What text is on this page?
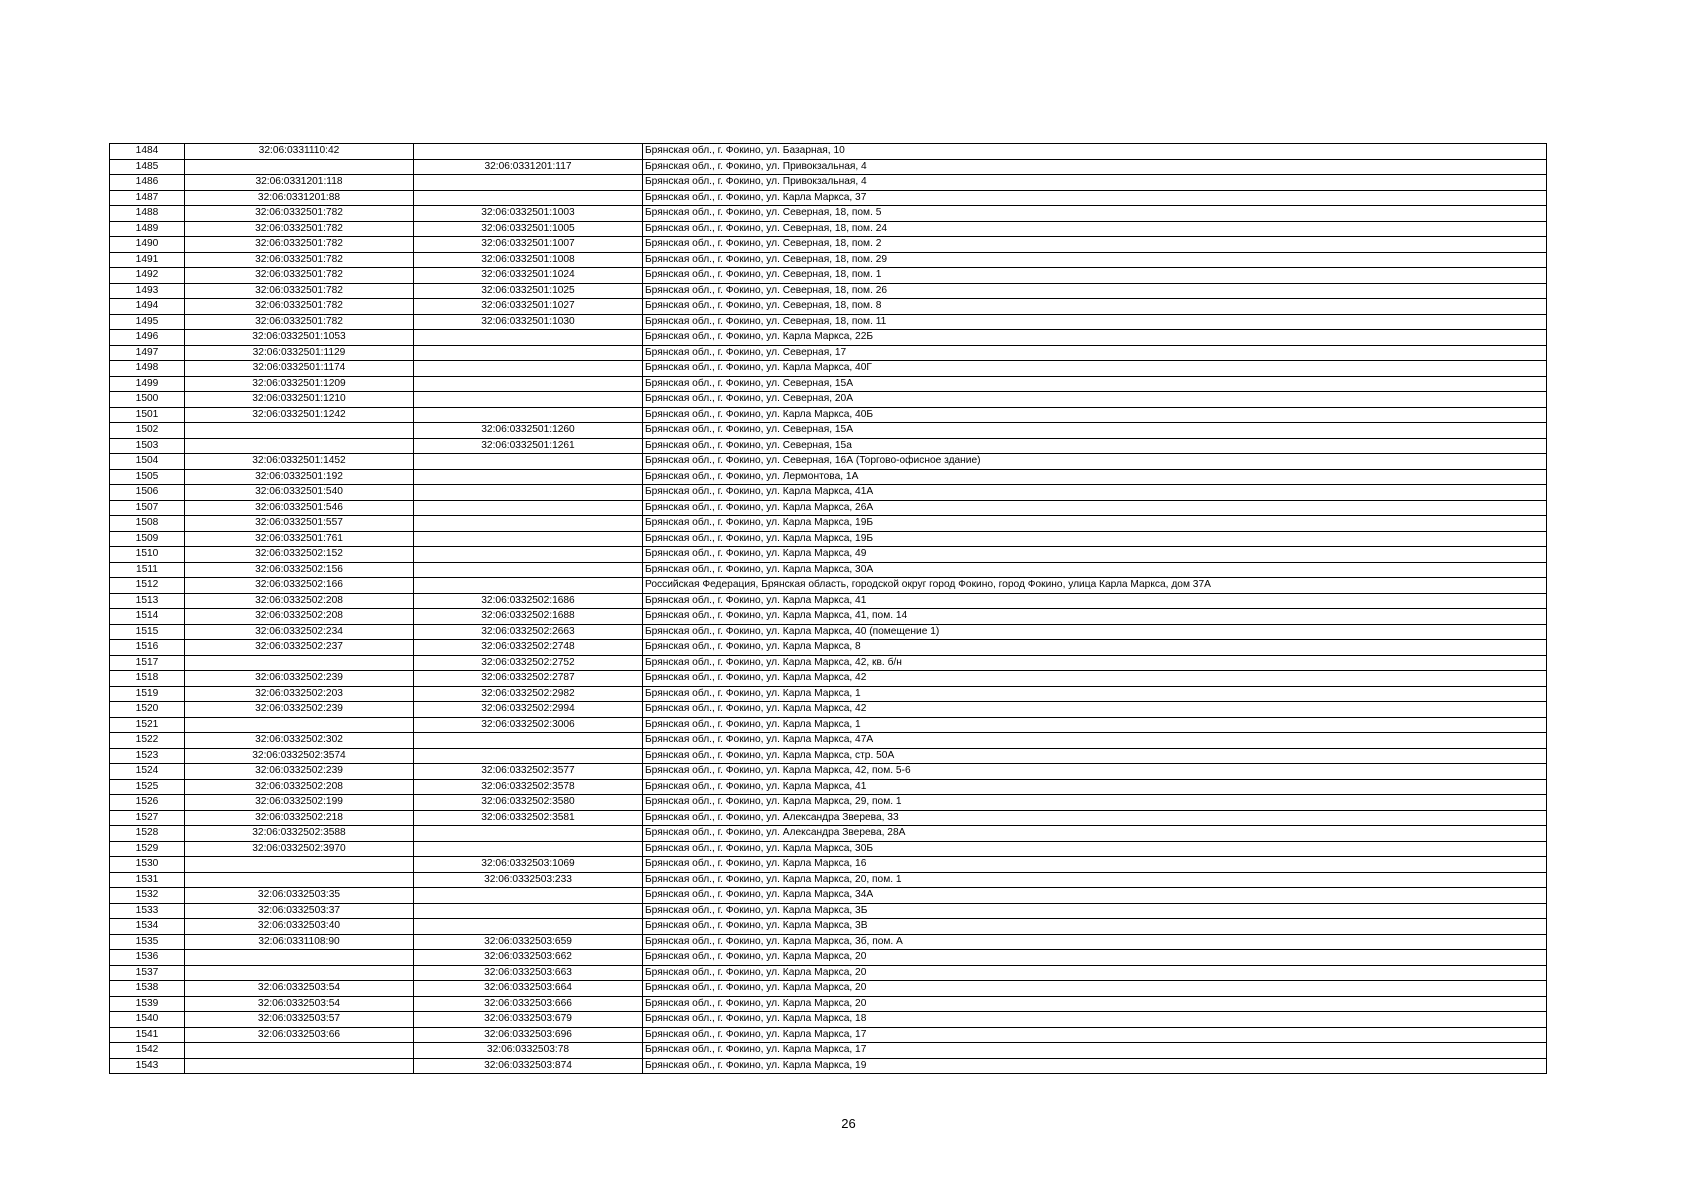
1484	32:06:0331110:42		Брянская обл., г. Фокино, ул. Базарная, 10
1485		32:06:0331201:117	Брянская обл., г. Фокино, ул. Привокзальная, 4
1486	32:06:0331201:118		Брянская обл., г. Фокино, ул. Привокзальная, 4
1487	32:06:0331201:88		Брянская обл., г. Фокино, ул. Карла Маркса, 37
1488	32:06:0332501:782	32:06:0332501:1003	Брянская обл., г. Фокино, ул. Северная, 18, пом. 5
1489	32:06:0332501:782	32:06:0332501:1005	Брянская обл., г. Фокино, ул. Северная, 18, пом. 24
1490	32:06:0332501:782	32:06:0332501:1007	Брянская обл., г. Фокино, ул. Северная, 18, пом. 2
1491	32:06:0332501:782	32:06:0332501:1008	Брянская обл., г. Фокино, ул. Северная, 18, пом. 29
1492	32:06:0332501:782	32:06:0332501:1024	Брянская обл., г. Фокино, ул. Северная, 18, пом. 1
1493	32:06:0332501:782	32:06:0332501:1025	Брянская обл., г. Фокино, ул. Северная, 18, пом. 26
1494	32:06:0332501:782	32:06:0332501:1027	Брянская обл., г. Фокино, ул. Северная, 18, пом. 8
1495	32:06:0332501:782	32:06:0332501:1030	Брянская обл., г. Фокино, ул. Северная, 18, пом. 11
1496	32:06:0332501:1053		Брянская обл., г. Фокино, ул. Карла Маркса, 22Б
1497	32:06:0332501:1129		Брянская обл., г. Фокино, ул. Северная, 17
1498	32:06:0332501:1174		Брянская обл., г. Фокино, ул. Карла Маркса, 40Г
1499	32:06:0332501:1209		Брянская обл., г. Фокино, ул. Северная, 15А
1500	32:06:0332501:1210		Брянская обл., г. Фокино, ул. Северная, 20А
1501	32:06:0332501:1242		Брянская обл., г. Фокино, ул. Карла Маркса, 40Б
1502		32:06:0332501:1260	Брянская обл., г. Фокино, ул. Северная, 15А
1503		32:06:0332501:1261	Брянская обл., г. Фокино, ул. Северная, 15а
1504	32:06:0332501:1452		Брянская обл., г. Фокино, ул. Северная, 16А (Торгово-офисное здание)
1505	32:06:0332501:192		Брянская обл., г. Фокино, ул. Лермонтова, 1А
1506	32:06:0332501:540		Брянская обл., г. Фокино, ул. Карла Маркса, 41А
1507	32:06:0332501:546		Брянская обл., г. Фокино, ул. Карла Маркса, 26А
1508	32:06:0332501:557		Брянская обл., г. Фокино, ул. Карла Маркса, 19Б
1509	32:06:0332501:761		Брянская обл., г. Фокино, ул. Карла Маркса, 19Б
1510	32:06:0332502:152		Брянская обл., г. Фокино, ул. Карла Маркса, 49
1511	32:06:0332502:156		Брянская обл., г. Фокино, ул. Карла Маркса, 30А
1512	32:06:0332502:166		Российская Федерация, Брянская область, городской округ город Фокино, город Фокино, улица Карла Маркса, дом 37А
1513	32:06:0332502:208	32:06:0332502:1686	Брянская обл., г. Фокино, ул. Карла Маркса, 41
1514	32:06:0332502:208	32:06:0332502:1688	Брянская обл., г. Фокино, ул. Карла Маркса, 41, пом. 14
1515	32:06:0332502:234	32:06:0332502:2663	Брянская обл., г. Фокино, ул. Карла Маркса, 40 (помещение 1)
1516	32:06:0332502:237	32:06:0332502:2748	Брянская обл., г. Фокино, ул. Карла Маркса, 8
1517		32:06:0332502:2752	Брянская обл., г. Фокино, ул. Карла Маркса, 42, кв. б/н
1518	32:06:0332502:239	32:06:0332502:2787	Брянская обл., г. Фокино, ул. Карла Маркса, 42
1519	32:06:0332502:203	32:06:0332502:2982	Брянская обл., г. Фокино, ул. Карла Маркса, 1
1520	32:06:0332502:239	32:06:0332502:2994	Брянская обл., г. Фокино, ул. Карла Маркса, 42
1521		32:06:0332502:3006	Брянская обл., г. Фокино, ул. Карла Маркса, 1
1522	32:06:0332502:302		Брянская обл., г. Фокино, ул. Карла Маркса, 47А
1523	32:06:0332502:3574		Брянская обл., г. Фокино, ул. Карла Маркса, стр. 50А
1524	32:06:0332502:239	32:06:0332502:3577	Брянская обл., г. Фокино, ул. Карла Маркса, 42, пом. 5-6
1525	32:06:0332502:208	32:06:0332502:3578	Брянская обл., г. Фокино, ул. Карла Маркса, 41
1526	32:06:0332502:199	32:06:0332502:3580	Брянская обл., г. Фокино, ул. Карла Маркса, 29, пом. 1
1527	32:06:0332502:218	32:06:0332502:3581	Брянская обл., г. Фокино, ул. Александра Зверева, 33
1528	32:06:0332502:3588		Брянская обл., г. Фокино, ул. Александра Зверева, 28А
1529	32:06:0332502:3970		Брянская обл., г. Фокино, ул. Карла Маркса, 30Б
1530		32:06:0332503:1069	Брянская обл., г. Фокино, ул. Карла Маркса, 16
1531		32:06:0332503:233	Брянская обл., г. Фокино, ул. Карла Маркса, 20, пом. 1
1532	32:06:0332503:35		Брянская обл., г. Фокино, ул. Карла Маркса, 34А
1533	32:06:0332503:37		Брянская обл., г. Фокино, ул. Карла Маркса, 3Б
1534	32:06:0332503:40		Брянская обл., г. Фокино, ул. Карла Маркса, 3В
1535	32:06:0331108:90	32:06:0332503:659	Брянская обл., г. Фокино, ул. Карла Маркса, 3б, пом. А
1536		32:06:0332503:662	Брянская обл., г. Фокино, ул. Карла Маркса, 20
1537		32:06:0332503:663	Брянская обл., г. Фокино, ул. Карла Маркса, 20
1538	32:06:0332503:54	32:06:0332503:664	Брянская обл., г. Фокино, ул. Карла Маркса, 20
1539	32:06:0332503:54	32:06:0332503:666	Брянская обл., г. Фокино, ул. Карла Маркса, 20
1540	32:06:0332503:57	32:06:0332503:679	Брянская обл., г. Фокино, ул. Карла Маркса, 18
1541	32:06:0332503:66	32:06:0332503:696	Брянская обл., г. Фокино, ул. Карла Маркса, 17
1542		32:06:0332503:78	Брянская обл., г. Фокино, ул. Карла Маркса, 17
1543		32:06:0332503:874	Брянская обл., г. Фокино, ул. Карла Маркса, 19
26
